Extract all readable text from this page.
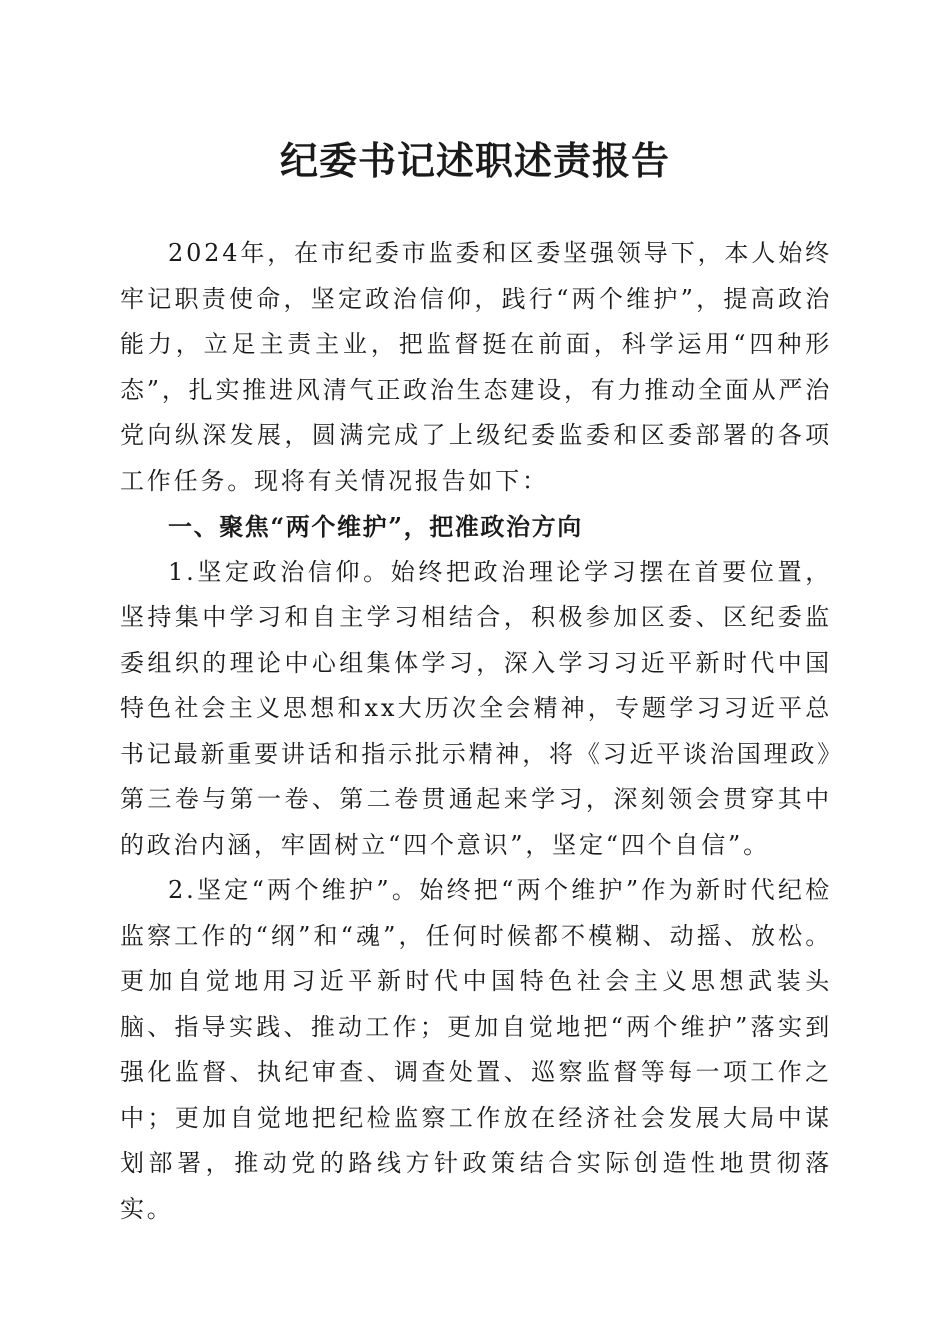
纪委书记述职述责报告

2024年，在市纪委市监委和区委坚强领导下，本人始终牢记职责使命，坚定政治信仰，践行“两个维护”，提高政治能力，立足主责主业，把监督挺在前面，科学运用“四种形态”，扎实推进风清气正政治生态建设，有力推动全面从严治党向纵深发展，圆满完成了上级纪委监委和区委部署的各项工作任务。现将有关情况报告如下：

一、聚焦“两个维护”，把准政治方向

1.坚定政治信仰。始终把政治理论学习摆在首要位置，坚持集中学习和自主学习相结合，积极参加区委、区纪委监委组织的理论中心组集体学习，深入学习习近平新时代中国特色社会主义思想和xx大历次全会精神，专题学习习近平总书记最新重要讲话和指示批示精神，将《习近平谈治国理政》第三卷与第一卷、第二卷贯通起来学习，深刻领会贯穿其中的政治内涵，牢固树立“四个意识”，坚定“四个自信”。

2.坚定“两个维护”。始终把“两个维护”作为新时代纪检监察工作的“纲”和“魂”，任何时候都不模糊、动摇、放松。更加自觉地用习近平新时代中国特色社会主义思想武装头脑、指导实践、推动工作；更加自觉地把“两个维护”落实到强化监督、执纪审查、调查处置、巡察监督等每一项工作之中；更加自觉地把纪检监察工作放在经济社会发展大局中谋划部署，推动党的路线方针政策结合实际创造性地贯彻落实。
